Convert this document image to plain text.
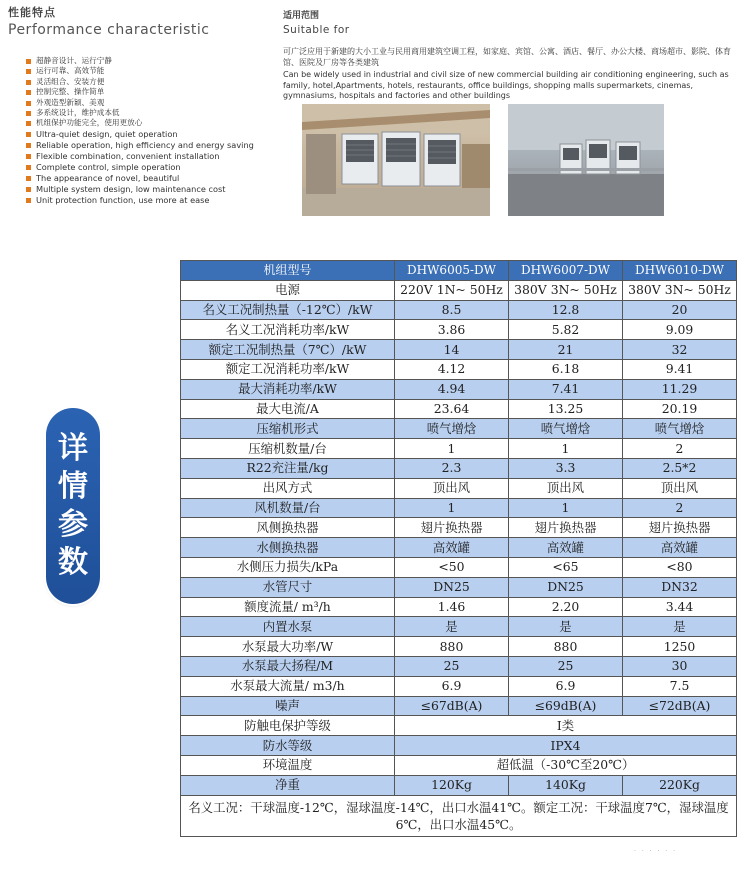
性能特点
Performance characteristic
超静音设计、运行宁静
运行可靠、高效节能
灵活组合、安装方便
控制完整、操作简单
外观造型新颖、美观
多系统设计，维护成本低
机组保护功能完全，使用更放心
Ultra-quiet design, quiet operation
Reliable operation, high efficiency and energy saving
Flexible combination, convenient installation
Complete control, simple operation
The appearance of novel, beautiful
Multiple system design, low maintenance cost
Unit protection function, use more at ease
适用范围
Suitable for
可广泛应用于新建的大小工业与民用商用建筑空调工程，如家庭、宾馆、公寓、酒店、餐厅、办公大楼、商场超市、影院、体育馆、医院及厂房等各类建筑
Can be widely used in industrial and civil size of new commercial building air conditioning engineering, such as family, hotel,Apartments, hotels, restaurants, office buildings, shopping malls supermarkets, cinemas, gymnasiums, hospitals and factories and other buildings
详
情
参
数
机组型号	DHW6005-DW	DHW6007-DW	DHW6010-DW
电源	220V 1N~ 50Hz	380V 3N~ 50Hz	380V 3N~ 50Hz
名义工况制热量（-12℃）/kW	8.5	12.8	20
名义工况消耗功率/kW	3.86	5.82	9.09
额定工况制热量（7℃）/kW	14	21	32
额定工况消耗功率/kW	4.12	6.18	9.41
最大消耗功率/kW	4.94	7.41	11.29
最大电流/A	23.64	13.25	20.19
压缩机形式	喷气增焓	喷气增焓	喷气增焓
压缩机数量/台	1	1	2
R22充注量/kg	2.3	3.3	2.5*2
出风方式	顶出风	顶出风	顶出风
风机数量/台	1	1	2
风侧换热器	翅片换热器	翅片换热器	翅片换热器
水侧换热器	高效罐	高效罐	高效罐
水侧压力损失/kPa	<50	<65	<80
水管尺寸	DN25	DN25	DN32
额度流量/ m³/h	1.46	2.20	3.44
内置水泵	是	是	是
水泵最大功率/W	880	880	1250
水泵最大扬程/M	25	25	30
水泵最大流量/ m3/h	6.9	6.9	7.5
噪声	≤67dB(A)	≤69dB(A)	≤72dB(A)
防触电保护等级	I类		
防水等级	IPX4		
环境温度	超低温（-30℃至20℃）		
净重	120Kg	140Kg	220Kg
名义工况：干球温度-12℃，湿球温度-14℃，出口水温41℃。额定工况：干球温度7℃，湿球温度6℃，出口水温45℃。			
· · · · · ·
